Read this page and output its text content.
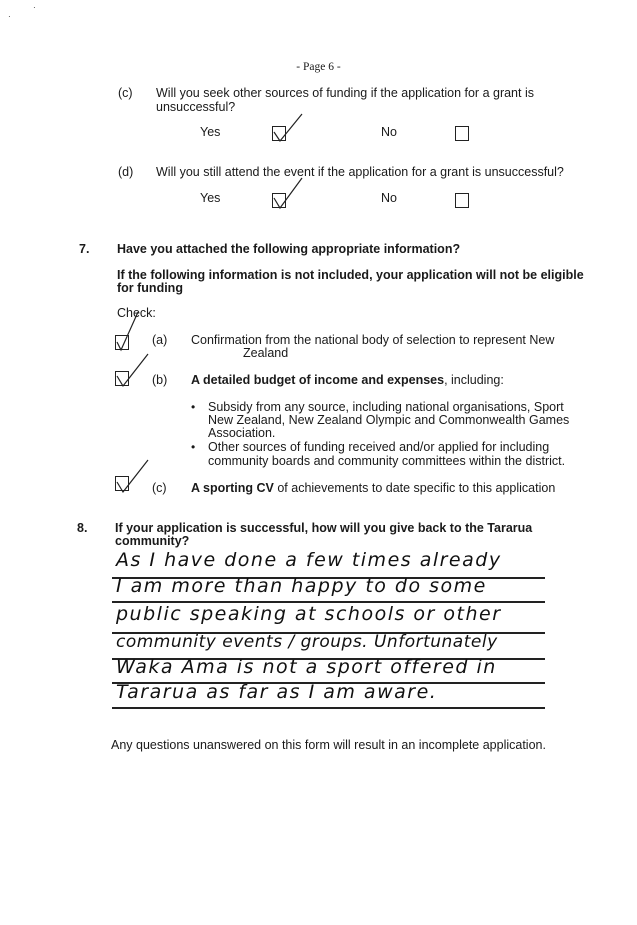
·
·
- Page 6 -
(c) Will you seek other sources of funding if the application for a grant is
unsuccessful?
Yes	No
(d) Will you still attend the event if the application for a grant is unsuccessful?
Yes	No
7. Have you attached the following appropriate information?
If the following information is not included, your application will not be eligible
for funding
Check:
(a) Confirmation from the national body of selection to represent New
Zealand
(b) A detailed budget of income and expenses, including:
• Subsidy from any source, including national organisations, Sport
New Zealand, New Zealand Olympic and Commonwealth Games
Association.
• Other sources of funding received and/or applied for including
community boards and community committees within the district.
(c) A sporting CV of achievements to date specific to this application
8. If your application is successful, how will you give back to the Tararua
community?
As I have done a few times already
I am more than happy to do some
public speaking at schools or other
community events / groups. Unfortunately
Waka Ama is not a sport offered in
Tararua as far as I am aware.
Any questions unanswered on this form will result in an incomplete application.
